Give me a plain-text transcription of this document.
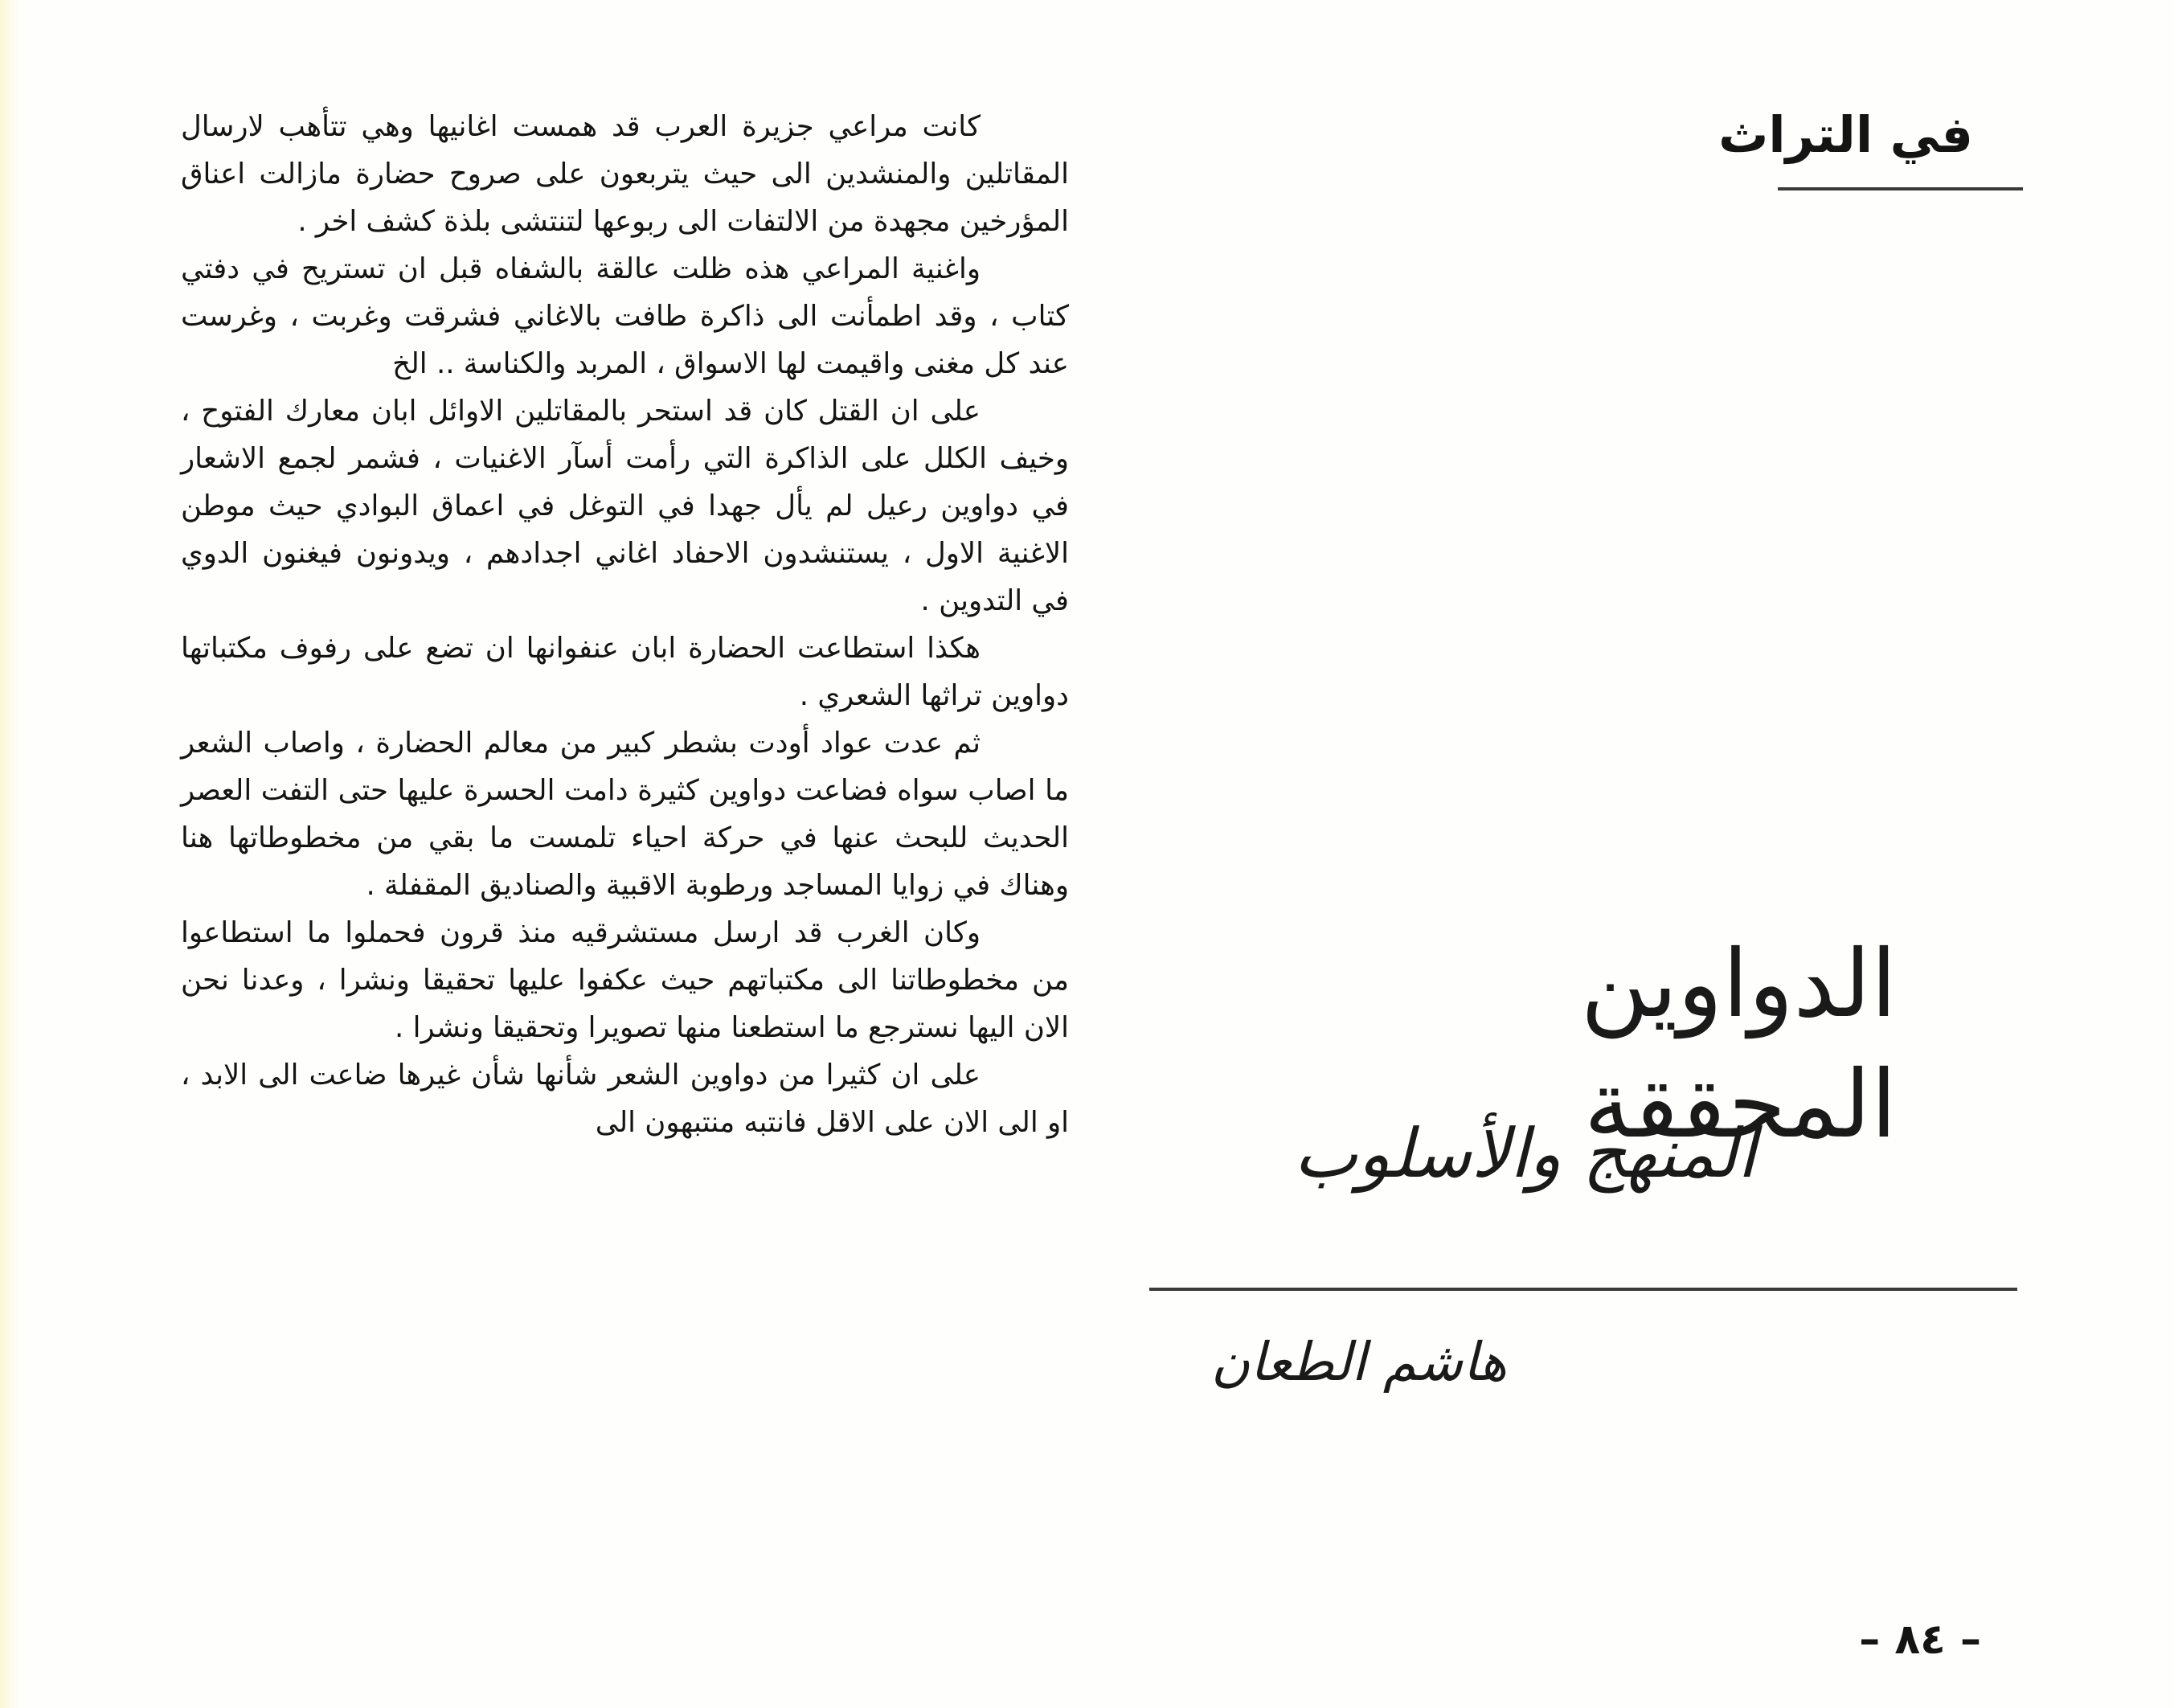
في التراث
الدواوين المحققة
المنهج والأسلوب
هاشم الطعان

كانت مراعي جزيرة العرب قد همست اغانيها وهي تتأهب لارسال المقاتلين والمنشدين الى حيث يتربعون على صروح حضارة مازالت اعناق المؤرخين مجهدة من الالتفات الى ربوعها لتنتشى بلذة كشف اخر .

واغنية المراعي هذه ظلت عالقة بالشفاه قبل ان تستريح في دفتي كتاب ، وقد اطمأنت الى ذاكرة طافت بالاغاني فشرقت وغربت ، وغرست عند كل مغنى واقيمت لها الاسواق ، المربد والكناسة .. الخ

على ان القتل كان قد استحر بالمقاتلين الاوائل ابان معارك الفتوح ، وخيف الكلل على الذاكرة التي رأمت أسآر الاغنيات ، فشمر لجمع الاشعار في دواوين رعيل لم يأل جهدا في التوغل في اعماق البوادي حيث موطن الاغنية الاول ، يستنشدون الاحفاد اغاني اجدادهم ، ويدونون فيغنون الدوي في التدوين .

هكذا استطاعت الحضارة ابان عنفوانها ان تضع على رفوف مكتباتها دواوين تراثها الشعري .

ثم عدت عواد أودت بشطر كبير من معالم الحضارة ، واصاب الشعر ما اصاب سواه فضاعت دواوين كثيرة دامت الحسرة عليها حتى التفت العصر الحديث للبحث عنها في حركة احياء تلمست ما بقي من مخطوطاتها هنا وهناك في زوايا المساجد ورطوبة الاقبية والصناديق المقفلة .

وكان الغرب قد ارسل مستشرقيه منذ قرون فحملوا ما استطاعوا من مخطوطاتنا الى مكتباتهم حيث عكفوا عليها تحقيقا ونشرا ، وعدنا نحن الان اليها نسترجع ما استطعنا منها تصويرا وتحقيقا ونشرا .

على ان كثيرا من دواوين الشعر شأنها شأن غيرها ضاعت الى الابد ، او الى الان على الاقل فانتبه منتبهون الى

– ٨٤ –
